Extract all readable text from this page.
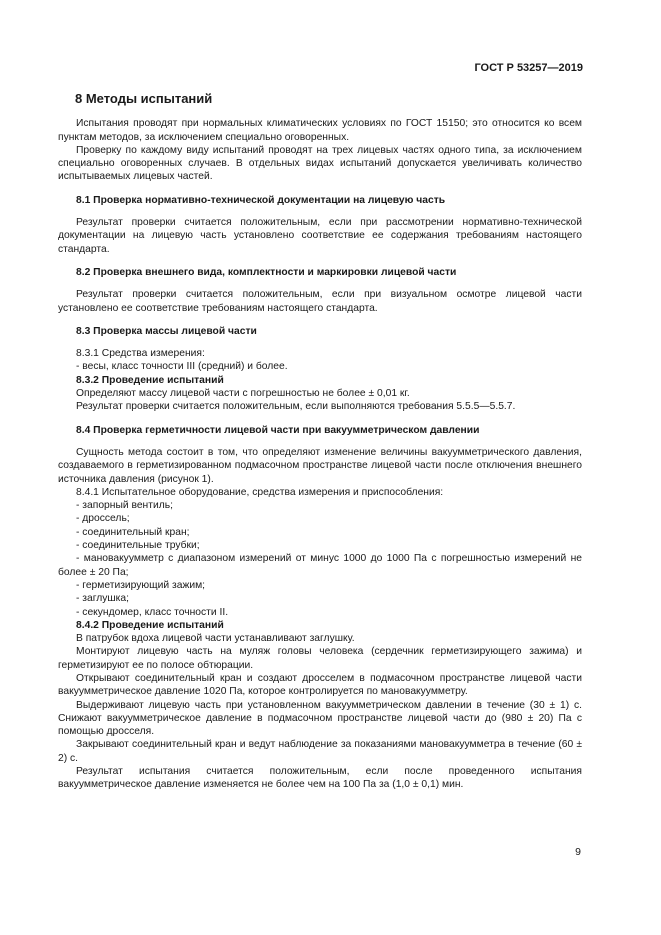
ГОСТ Р 53257—2019
8 Методы испытаний

Испытания проводят при нормальных климатических условиях по ГОСТ 15150; это относится ко всем пунктам методов, за исключением специально оговоренных.

Проверку по каждому виду испытаний проводят на трех лицевых частях одного типа, за исключением специально оговоренных случаев. В отдельных видах испытаний допускается увеличивать количество испытываемых лицевых частей.

8.1 Проверка нормативно-технической документации на лицевую часть

Результат проверки считается положительным, если при рассмотрении нормативно-технической документации на лицевую часть установлено соответствие ее содержания требованиям настоящего стандарта.

8.2 Проверка внешнего вида, комплектности и маркировки лицевой части

Результат проверки считается положительным, если при визуальном осмотре лицевой части установлено ее соответствие требованиям настоящего стандарта.

8.3 Проверка массы лицевой части

8.3.1 Средства измерения:

- весы, класс точности III (средний) и более.
8.3.2 Проведение испытаний

Определяют массу лицевой части с погрешностью не более ± 0,01 кг.

Результат проверки считается положительным, если выполняются требования 5.5.5—5.5.7.

8.4 Проверка герметичности лицевой части при вакуумметрическом давлении

Сущность метода состоит в том, что определяют изменение величины вакуумметрического давления, создаваемого в герметизированном подмасочном пространстве лицевой части после отключения внешнего источника давления (рисунок 1).

8.4.1 Испытательное оборудование, средства измерения и приспособления:

- запорный вентиль;
- дроссель;
- соединительный кран;
- соединительные трубки;

- мановакуумметр с диапазоном измерений от минус 1000 до 1000 Па с погрешностью измерений не более ± 20 Па;

- герметизирующий зажим;
- заглушка;
- секундомер, класс точности II.
8.4.2 Проведение испытаний

В патрубок вдоха лицевой части устанавливают заглушку.

Монтируют лицевую часть на муляж головы человека (сердечник герметизирующего зажима) и герметизируют ее по полосе обтюрации.

Открывают соединительный кран и создают дросселем в подмасочном пространстве лицевой части вакуумметрическое давление 1020 Па, которое контролируется по мановакуумметру.

Выдерживают лицевую часть при установленном вакуумметрическом давлении в течение (30 ± 1) с. Снижают вакуумметрическое давление в подмасочном пространстве лицевой части до (980 ± 20) Па с помощью дросселя.

Закрывают соединительный кран и ведут наблюдение за показаниями мановакуумметра в течение (60 ± 2) с.

Результат испытания считается положительным, если после проведенного испытания вакуумметрическое давление изменяется не более чем на 100 Па за (1,0 ± 0,1) мин.

9
